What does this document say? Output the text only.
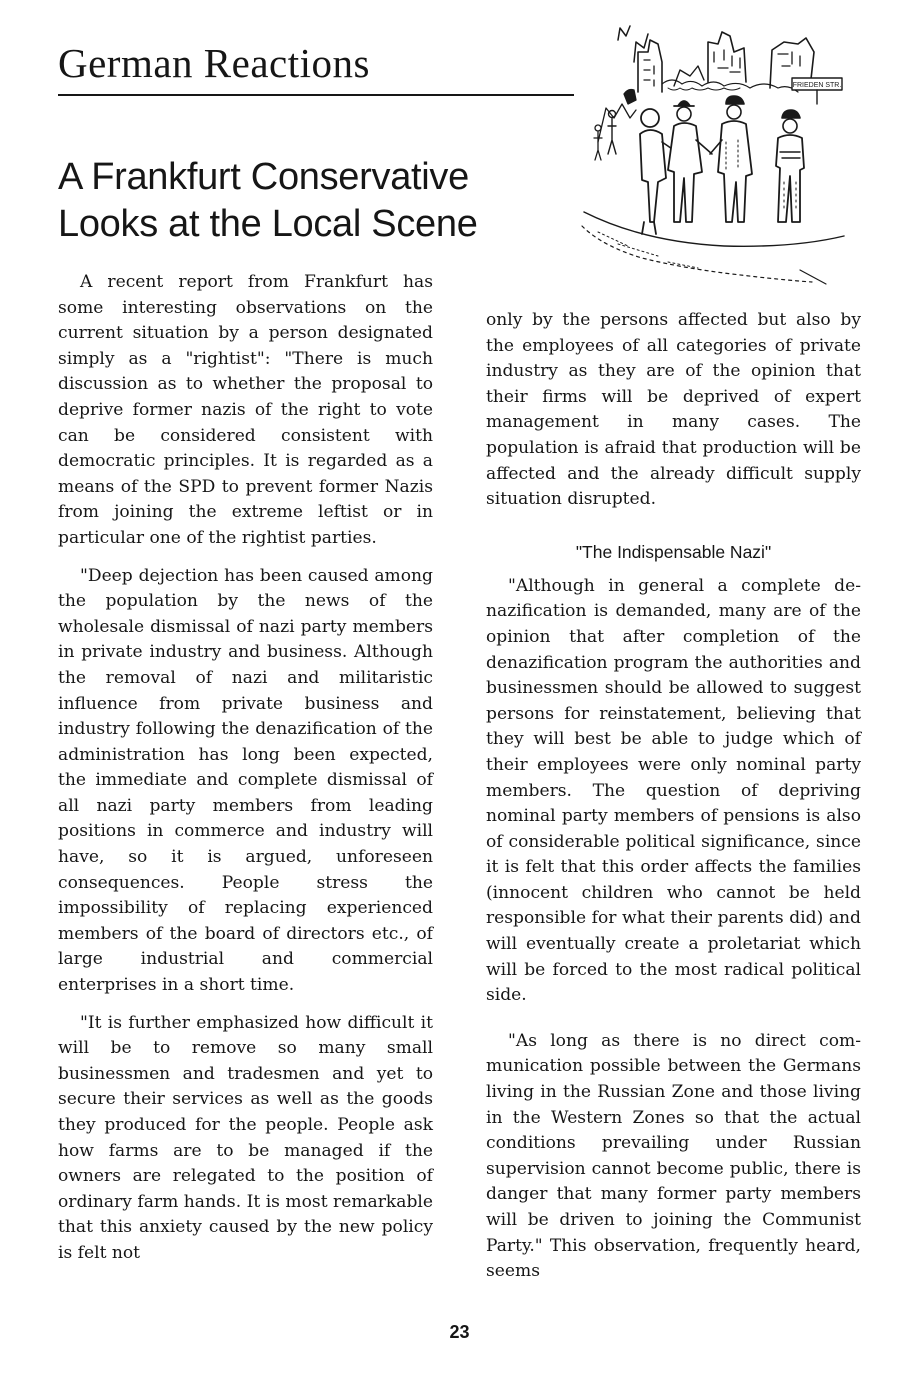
German Reactions
A Frankfurt Conservative
Looks at the Local Scene
FRIEDEN STR.

A recent report from Frankfurt has some interesting observations on the current situation by a person designated simply as a "rightist": "There is much discussion as to whether the proposal to deprive former nazis of the right to vote can be considered consistent with democratic principles. It is regarded as a means of the SPD to prevent former Nazis from joining the extreme leftist or in particular one of the rightist parties.

"Deep dejection has been caused among the population by the news of the wholesale dismissal of nazi party members in private industry and business. Although the removal of nazi and militaristic influence from private business and industry following the denazification of the administration has long been expected, the immediate and complete dismissal of all nazi party members from leading positions in commerce and industry will have, so it is argued, unforeseen consequences. People stress the impossibility of replacing experienced members of the board of directors etc., of large industrial and commercial enterprises in a short time.

"It is further emphasized how difficult it will be to remove so many small businessmen and tradesmen and yet to secure their services as well as the goods they produced for the people. People ask how farms are to be managed if the owners are relegated to the position of ordinary farm hands. It is most remarkable that this anxiety caused by the new policy is felt not

only by the persons affected but also by the employees of all categories of private industry as they are of the opinion that their firms will be deprived of expert management in many cases. The population is afraid that production will be affected and the already difficult supply situation disrupted.

"The Indispensable Nazi"

"Although in general a complete denazification is demanded, many are of the opinion that after completion of the denazification program the authorities and businessmen should be allowed to suggest persons for reinstatement, believing that they will best be able to judge which of their employees were only nominal party members. The question of depriving nominal party members of pensions is also of considerable political significance, since it is felt that this order affects the families (innocent children who cannot be held responsible for what their parents did) and will eventually create a proletariat which will be forced to the most radical political side.

"As long as there is no direct communication possible between the Germans living in the Russian Zone and those living in the Western Zones so that the actual conditions prevailing under Russian supervision cannot become public, there is danger that many former party members will be driven to joining the Communist Party." This observation, frequently heard, seems

23
